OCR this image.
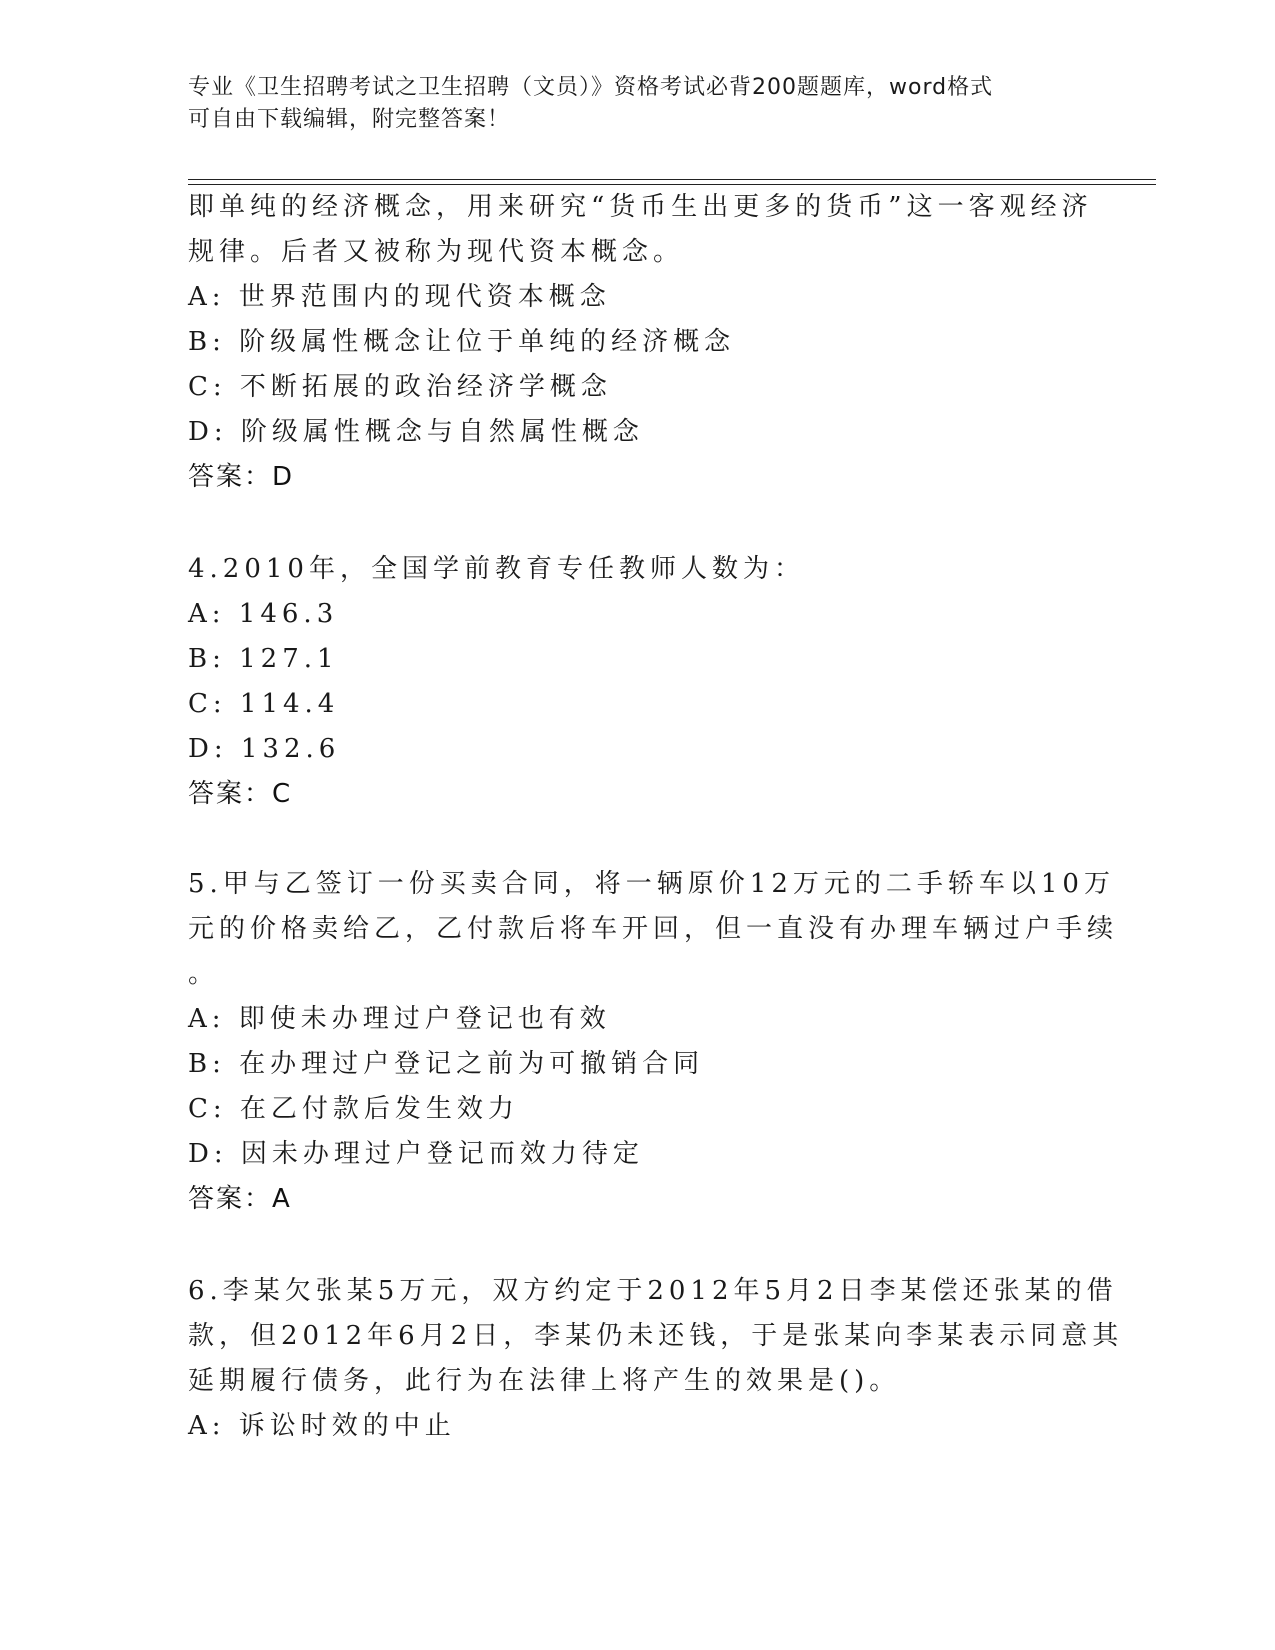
专业《卫生招聘考试之卫生招聘（文员）》资格考试必背200题题库，word格式
可自由下载编辑，附完整答案！
即单纯的经济概念，用来研究“货币生出更多的货币”这一客观经济
规律。后者又被称为现代资本概念。
A: 世界范围内的现代资本概念
B: 阶级属性概念让位于单纯的经济概念
C: 不断拓展的政治经济学概念
D: 阶级属性概念与自然属性概念
答案：D
4.2010年，全国学前教育专任教师人数为：
A: 146.3
B: 127.1
C: 114.4
D: 132.6
答案：C
5.甲与乙签订一份买卖合同，将一辆原价12万元的二手轿车以10万
元的价格卖给乙，乙付款后将车开回，但一直没有办理车辆过户手续
。
A: 即使未办理过户登记也有效
B: 在办理过户登记之前为可撤销合同
C: 在乙付款后发生效力
D: 因未办理过户登记而效力待定
答案：A
6.李某欠张某5万元，双方约定于2012年5月2日李某偿还张某的借
款，但2012年6月2日，李某仍未还钱，于是张某向李某表示同意其
延期履行债务，此行为在法律上将产生的效果是()。
A: 诉讼时效的中止
